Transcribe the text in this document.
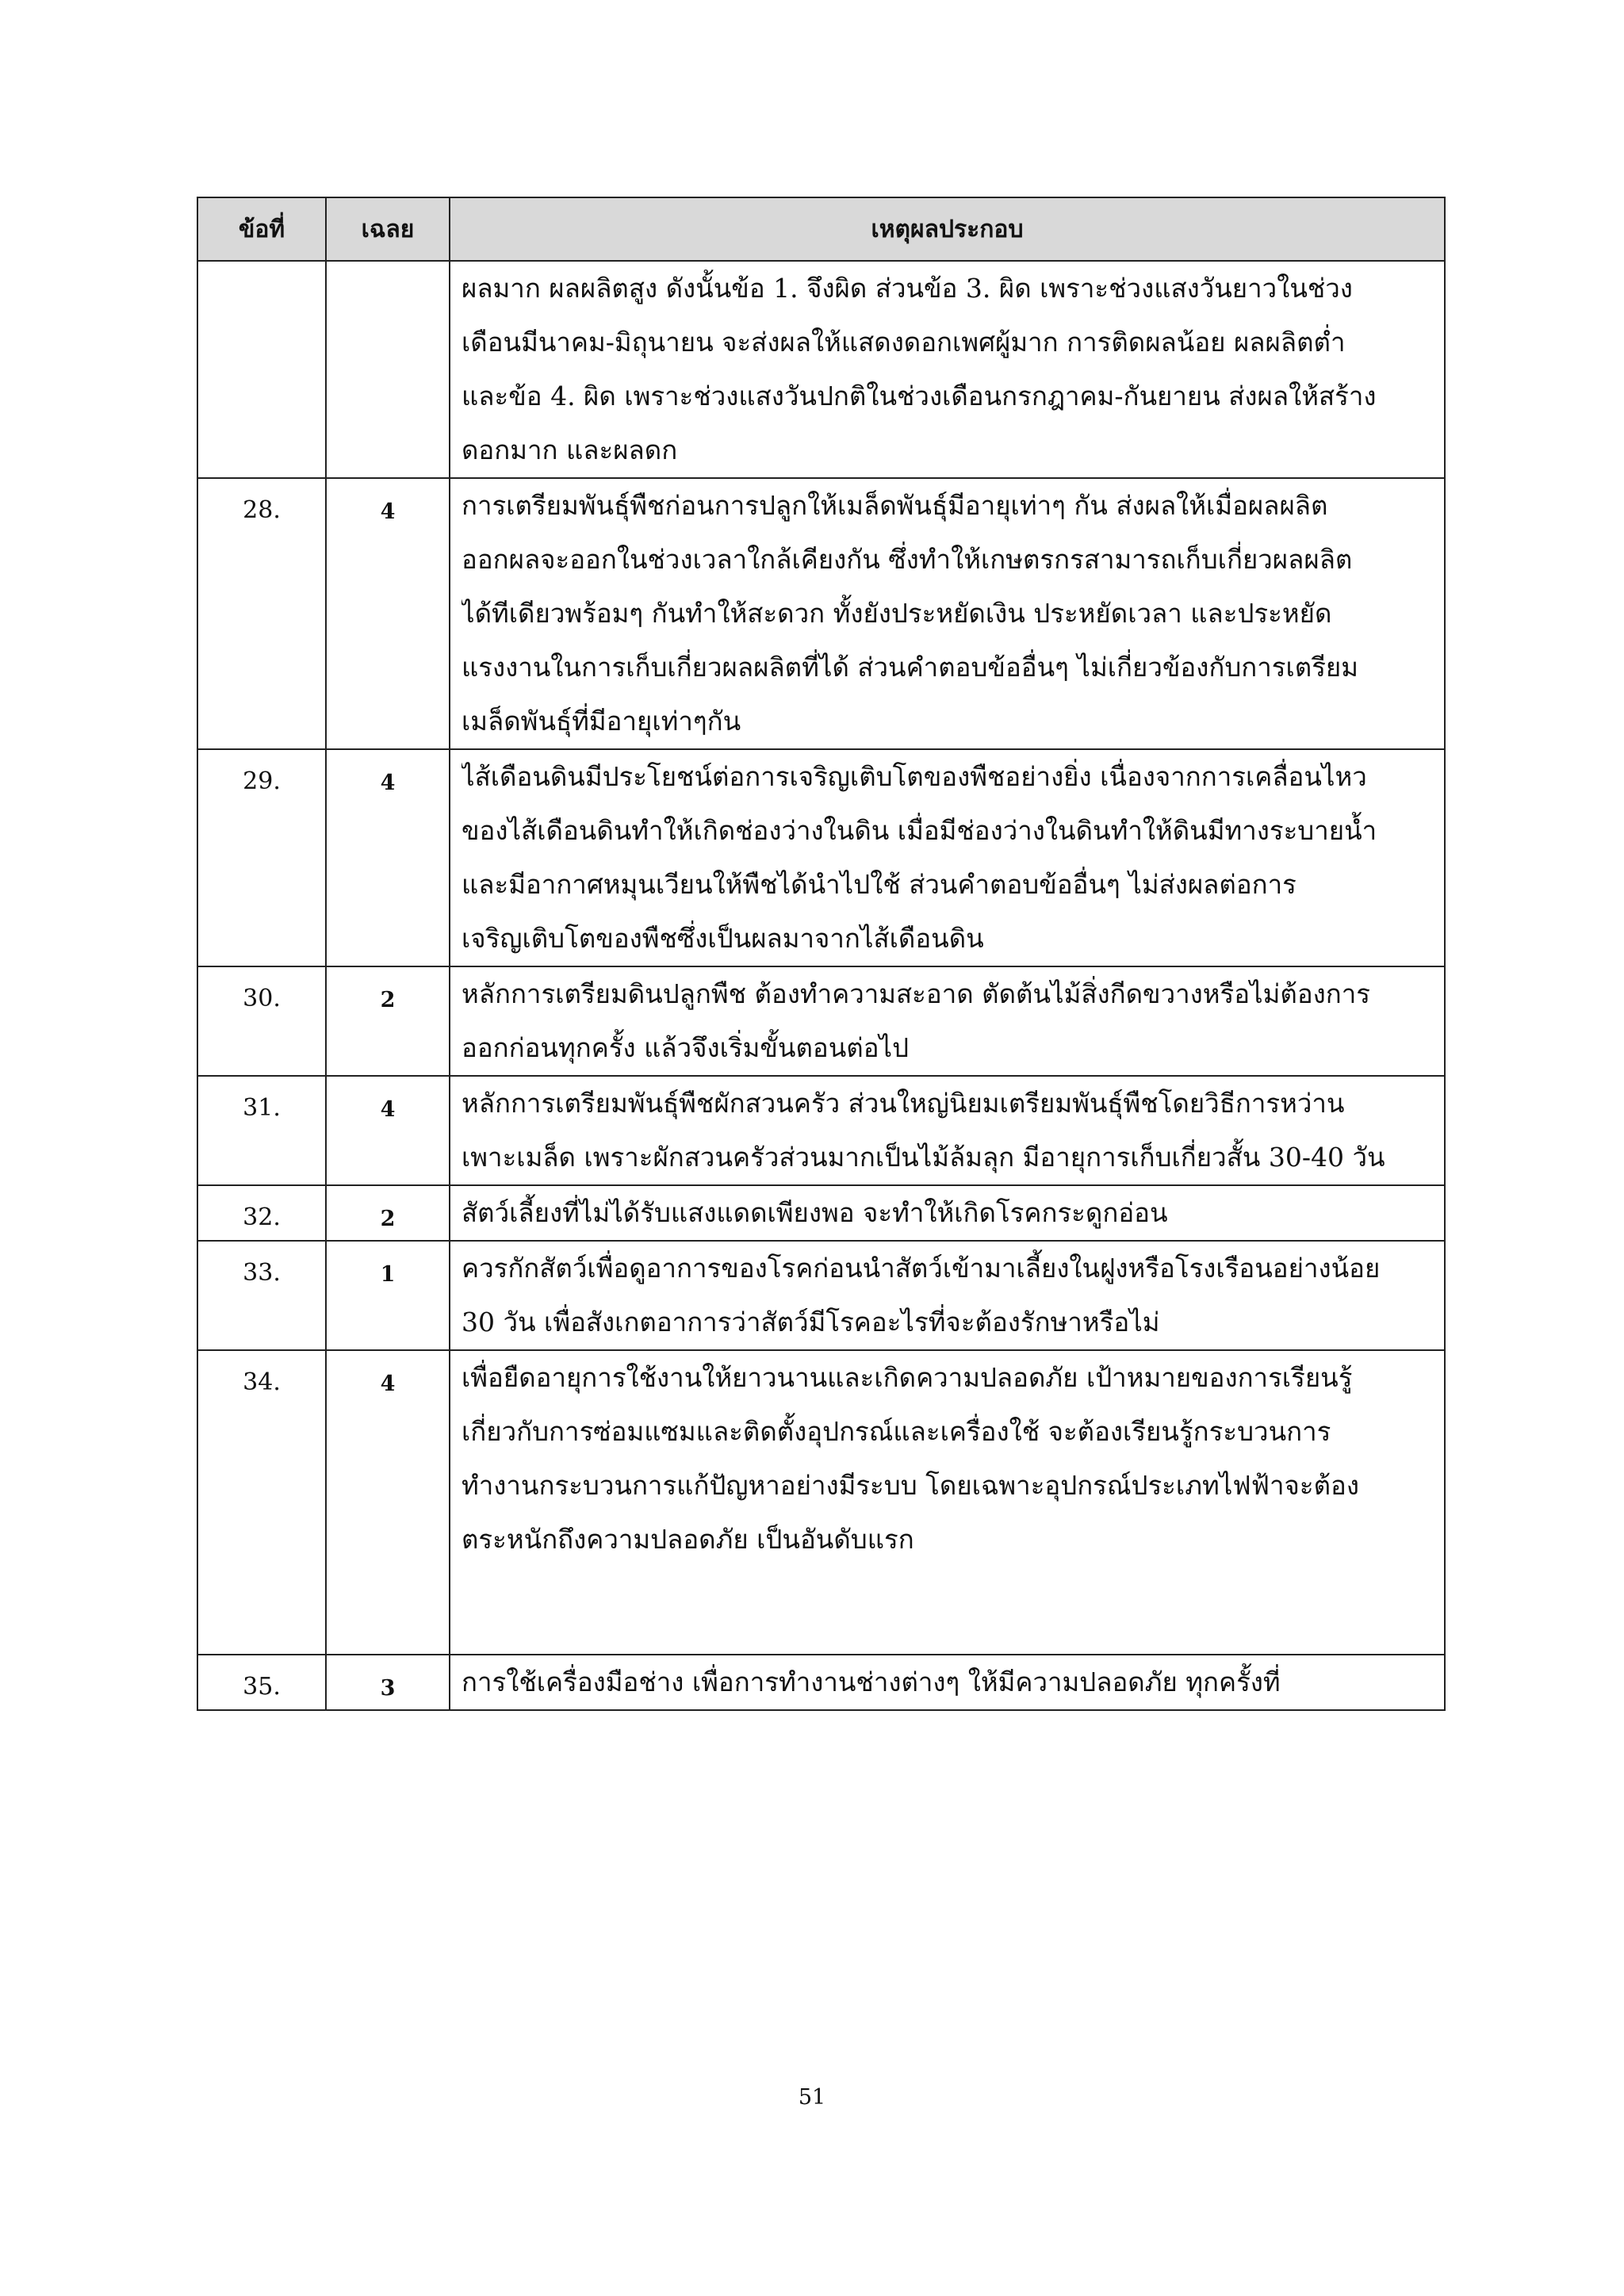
ข้อที่	เฉลย	เหตุผลประกอบ

		ผลมาก ผลผลิตสูง ดังนั้นข้อ 1. จึงผิด ส่วนข้อ 3. ผิด เพราะช่วงแสงวันยาวในช่วง
เดือนมีนาคม-มิถุนายน จะส่งผลให้แสดงดอกเพศผู้มาก การติดผลน้อย ผลผลิตต่ำ
และข้อ 4. ผิด เพราะช่วงแสงวันปกติในช่วงเดือนกรกฎาคม-กันยายน ส่งผลให้สร้าง
ดอกมาก และผลดก

28.	4	การเตรียมพันธุ์พืชก่อนการปลูกให้เมล็ดพันธุ์มีอายุเท่าๆ กัน ส่งผลให้เมื่อผลผลิต
ออกผลจะออกในช่วงเวลาใกล้เคียงกัน ซึ่งทำให้เกษตรกรสามารถเก็บเกี่ยวผลผลิต
ได้ทีเดียวพร้อมๆ กันทำให้สะดวก ทั้งยังประหยัดเงิน ประหยัดเวลา และประหยัด
แรงงานในการเก็บเกี่ยวผลผลิตที่ได้ ส่วนคำตอบข้ออื่นๆ ไม่เกี่ยวข้องกับการเตรียม
เมล็ดพันธุ์ที่มีอายุเท่าๆกัน

29.	4	ไส้เดือนดินมีประโยชน์ต่อการเจริญเติบโตของพืชอย่างยิ่ง เนื่องจากการเคลื่อนไหว
ของไส้เดือนดินทำให้เกิดช่องว่างในดิน เมื่อมีช่องว่างในดินทำให้ดินมีทางระบายน้ำ
และมีอากาศหมุนเวียนให้พืชได้นำไปใช้ ส่วนคำตอบข้ออื่นๆ ไม่ส่งผลต่อการ
เจริญเติบโตของพืชซึ่งเป็นผลมาจากไส้เดือนดิน

30.	2	หลักการเตรียมดินปลูกพืช ต้องทำความสะอาด ตัดต้นไม้สิ่งกีดขวางหรือไม่ต้องการ
ออกก่อนทุกครั้ง แล้วจึงเริ่มขั้นตอนต่อไป

31.	4	หลักการเตรียมพันธุ์พืชผักสวนครัว ส่วนใหญ่นิยมเตรียมพันธุ์พืชโดยวิธีการหว่าน
เพาะเมล็ด เพราะผักสวนครัวส่วนมากเป็นไม้ล้มลุก มีอายุการเก็บเกี่ยวสั้น 30-40 วัน

32.	2	สัตว์เลี้ยงที่ไม่ได้รับแสงแดดเพียงพอ จะทำให้เกิดโรคกระดูกอ่อน

33.	1	ควรกักสัตว์เพื่อดูอาการของโรคก่อนนำสัตว์เข้ามาเลี้ยงในฝูงหรือโรงเรือนอย่างน้อย
30 วัน เพื่อสังเกตอาการว่าสัตว์มีโรคอะไรที่จะต้องรักษาหรือไม่

34.	4	เพื่อยืดอายุการใช้งานให้ยาวนานและเกิดความปลอดภัย เป้าหมายของการเรียนรู้
เกี่ยวกับการซ่อมแซมและติดตั้งอุปกรณ์และเครื่องใช้ จะต้องเรียนรู้กระบวนการ
ทำงานกระบวนการแก้ปัญหาอย่างมีระบบ โดยเฉพาะอุปกรณ์ประเภทไฟฟ้าจะต้อง
ตระหนักถึงความปลอดภัย เป็นอันดับแรก

35.	3	การใช้เครื่องมือช่าง เพื่อการทำงานช่างต่างๆ ให้มีความปลอดภัย ทุกครั้งที่
51
